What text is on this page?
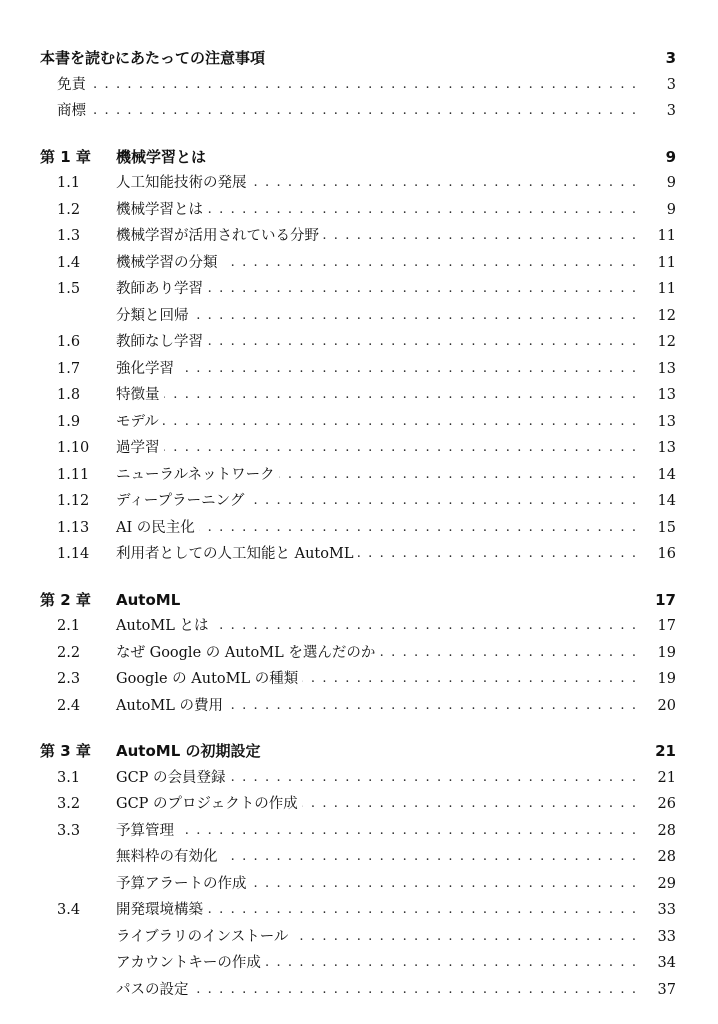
本書を読むにあたっての注意事項	3
. . .
免責	3
. . .
商標	3
第 1 章 機械学習とは	9
1.1 . . . 人工知能技術の発展	9
1.2 . . . 機械学習とは	9
1.3 . . . 機械学習が活用されている分野	11
1.4 . . . 機械学習の分類	11
1.5 . . . 教師あり学習	11
. . .
分類と回帰	12
1.6 . . . 教師なし学習	12
1.7 . . . 強化学習	13
1.8 . . . 特徴量	13
1.9 . . . モデル	13
1.10 . . . 過学習	13
1.11 . . . ニューラルネットワーク	14
1.12 . . . ディープラーニング	14
1.13 . . . AI の民主化	15
1.14 . . . 利用者としての人工知能と AutoML	16
第 2 章 AutoML	17
2.1 . . . AutoML とは	17
2.2 . . . なぜ Google の AutoML を選んだのか	19
2.3 . . . Google の AutoML の種類	19
2.4 . . . AutoML の費用	20
第 3 章 AutoML の初期設定	21
3.1 . . . GCP の会員登録	21
3.2 . . . GCP のプロジェクトの作成	26
3.3 . . . 予算管理	28
. . .
無料枠の有効化	28
. . .
予算アラートの作成	29
3.4 . . . 開発環境構築	33
. . .
ライブラリのインストール	33
. . .
アカウントキーの作成	34
. . .
パスの設定	37
